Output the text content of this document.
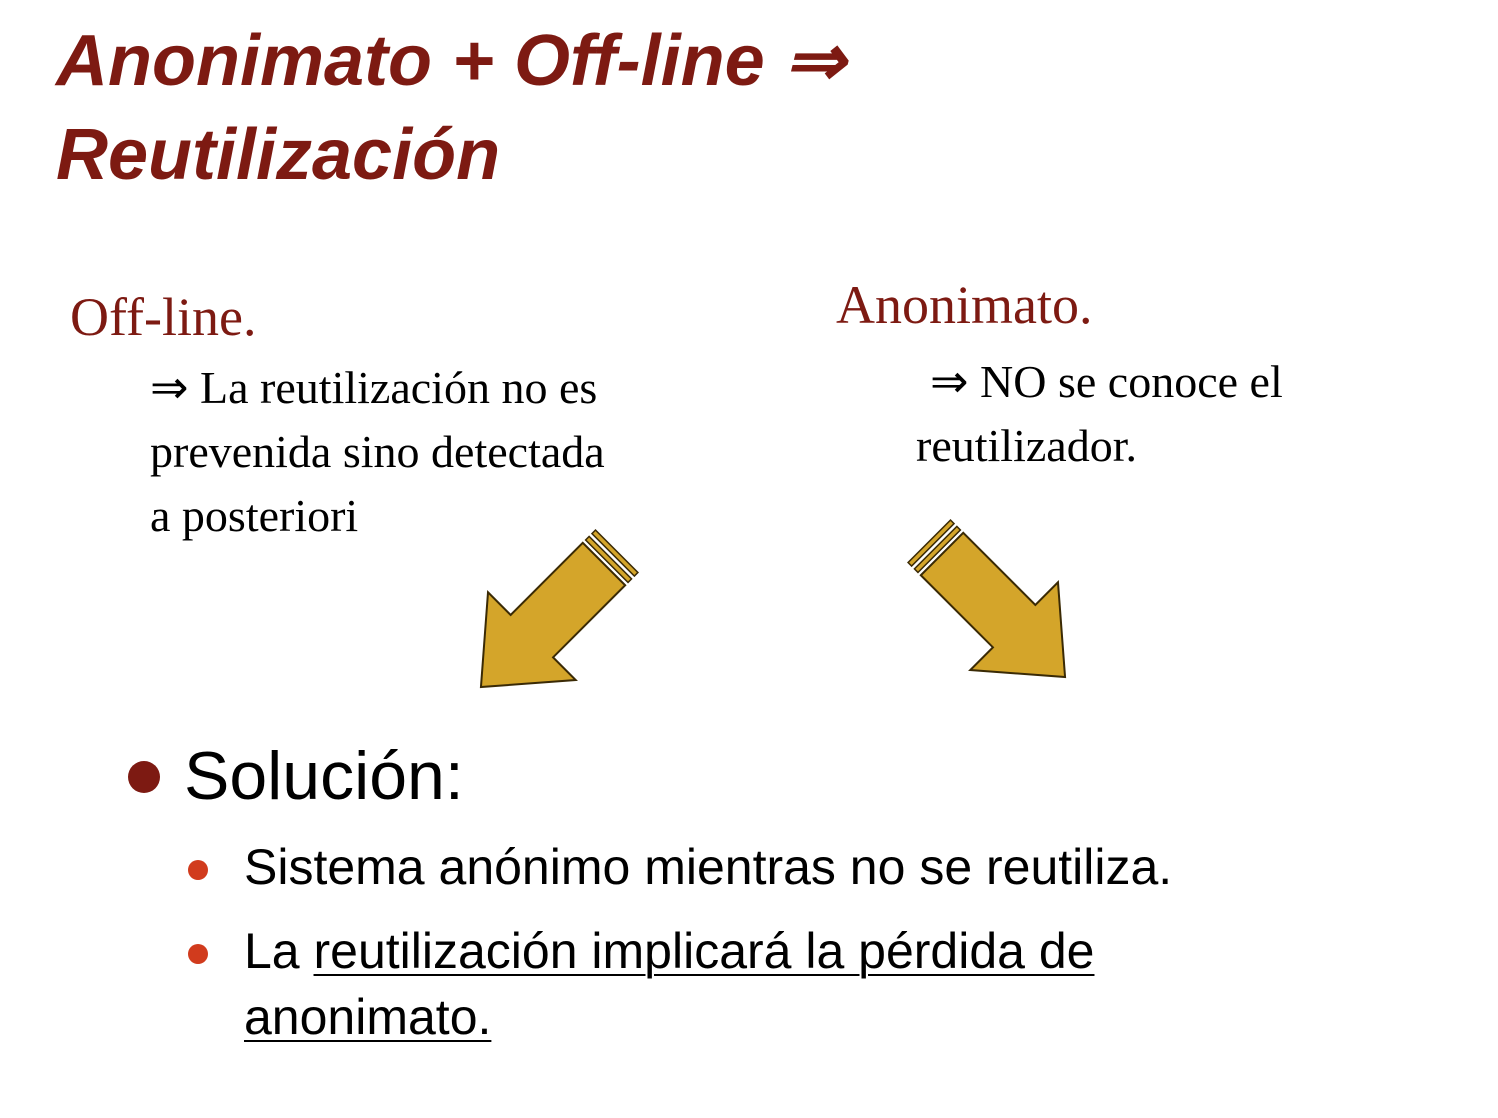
Anonimato + Off-line ⇒
Reutilización
Off-line.
⇒ La reutilización no es
prevenida sino detectada
a posteriori
Anonimato.
⇒ NO se conoce el
reutilizador.
Solución:
Sistema anónimo mientras no se reutiliza.
La reutilización implicará la pérdida de
anonimato.
